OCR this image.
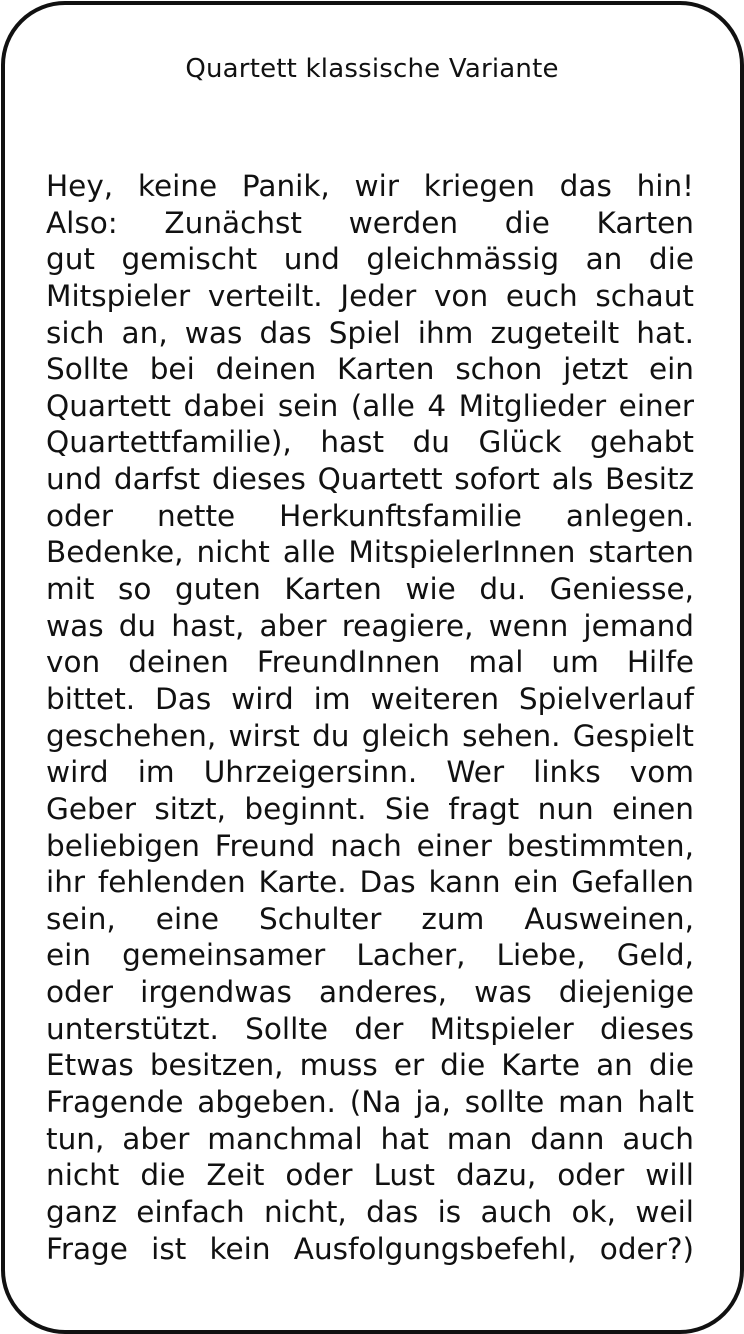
Quartett klassische Variante
Hey, keine Panik, wir kriegen das hin!
Also: Zunächst werden die Karten
gut gemischt und gleichmässig an die
Mitspieler verteilt. Jeder von euch schaut
sich an, was das Spiel ihm zugeteilt hat.
Sollte bei deinen Karten schon jetzt ein
Quartett dabei sein (alle 4 Mitglieder einer
Quartettfamilie), hast du Glück gehabt
und darfst dieses Quartett sofort als Besitz
oder nette Herkunftsfamilie anlegen.
Bedenke, nicht alle MitspielerInnen starten
mit so guten Karten wie du. Geniesse,
was du hast, aber reagiere, wenn jemand
von deinen FreundInnen mal um Hilfe
bittet. Das wird im weiteren Spielverlauf
geschehen, wirst du gleich sehen. Gespielt
wird im Uhrzeigersinn. Wer links vom
Geber sitzt, beginnt. Sie fragt nun einen
beliebigen Freund nach einer bestimmten,
ihr fehlenden Karte. Das kann ein Gefallen
sein, eine Schulter zum Ausweinen,
ein gemeinsamer Lacher, Liebe, Geld,
oder irgendwas anderes, was diejenige
unterstützt. Sollte der Mitspieler dieses
Etwas besitzen, muss er die Karte an die
Fragende abgeben. (Na ja, sollte man halt
tun, aber manchmal hat man dann auch
nicht die Zeit oder Lust dazu, oder will
ganz einfach nicht, das is auch ok, weil
Frage ist kein Ausfolgungsbefehl, oder?)
